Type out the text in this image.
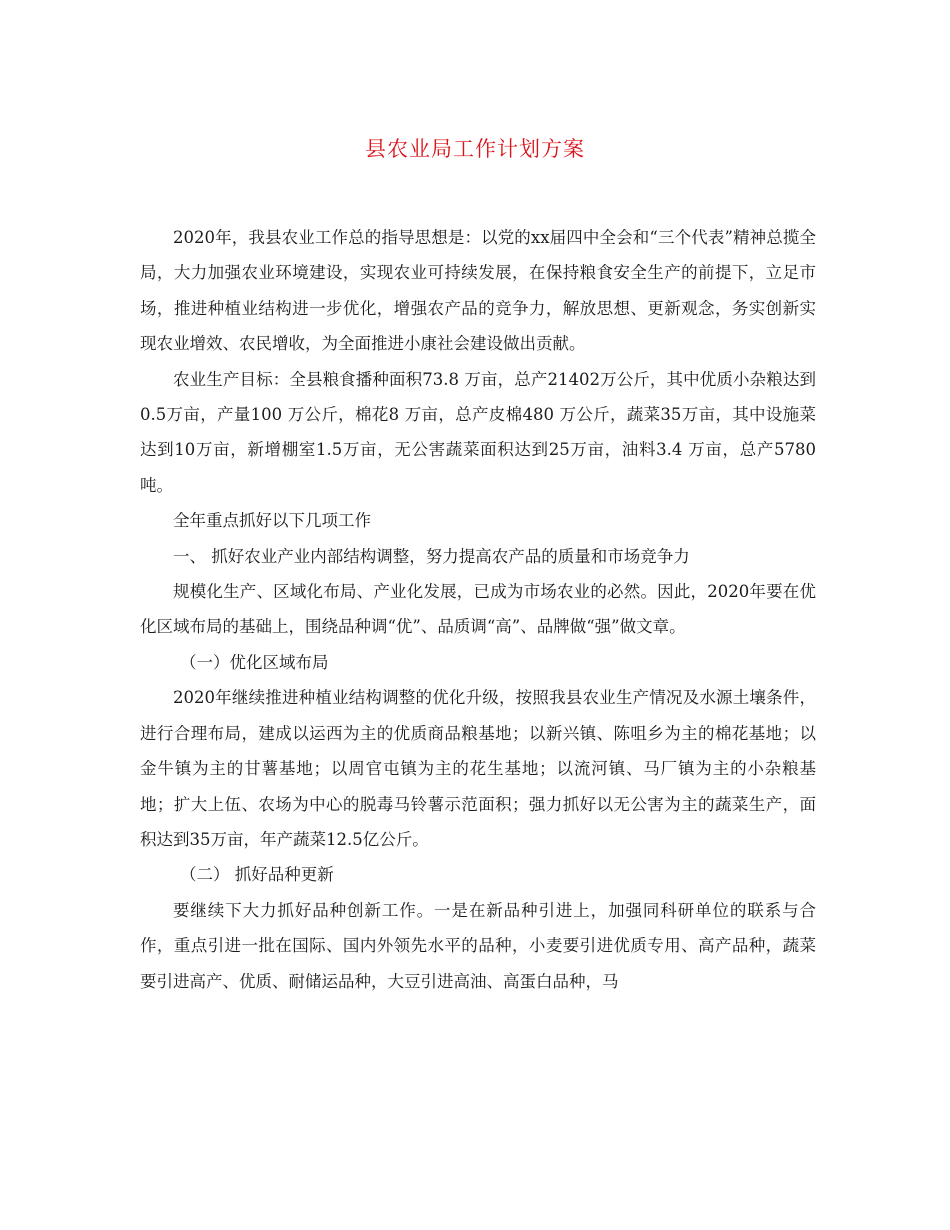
县农业局工作计划方案

2020年，我县农业工作总的指导思想是：以党的xx届四中全会和“三个代表”精神总揽全局，大力加强农业环境建设，实现农业可持续发展，在保持粮食安全生产的前提下，立足市场，推进种植业结构进一步优化，增强农产品的竞争力，解放思想、更新观念，务实创新实现农业增效、农民增收，为全面推进小康社会建设做出贡献。

农业生产目标：全县粮食播种面积73.8 万亩，总产21402万公斤，其中优质小杂粮达到0.5万亩，产量100 万公斤，棉花8 万亩，总产皮棉480 万公斤，蔬菜35万亩，其中设施菜达到10万亩，新增棚室1.5万亩，无公害蔬菜面积达到25万亩，油料3.4 万亩，总产5780 吨。

全年重点抓好以下几项工作

一、 抓好农业产业内部结构调整，努力提高农产品的质量和市场竞争力

规模化生产、区域化布局、产业化发展，已成为市场农业的必然。因此，2020年要在优化区域布局的基础上，围绕品种调“优”、品质调“高”、品牌做“强”做文章。

（一）优化区域布局

2020年继续推进种植业结构调整的优化升级，按照我县农业生产情况及水源土壤条件，进行合理布局，建成以运西为主的优质商品粮基地；以新兴镇、陈咀乡为主的棉花基地；以金牛镇为主的甘薯基地；以周官屯镇为主的花生基地；以流河镇、马厂镇为主的小杂粮基地；扩大上伍、农场为中心的脱毒马铃薯示范面积；强力抓好以无公害为主的蔬菜生产，面积达到35万亩，年产蔬菜12.5亿公斤。

（二） 抓好品种更新

要继续下大力抓好品种创新工作。一是在新品种引进上，加强同科研单位的联系与合作，重点引进一批在国际、国内外领先水平的品种，小麦要引进优质专用、高产品种，蔬菜要引进高产、优质、耐储运品种，大豆引进高油、高蛋白品种，马
